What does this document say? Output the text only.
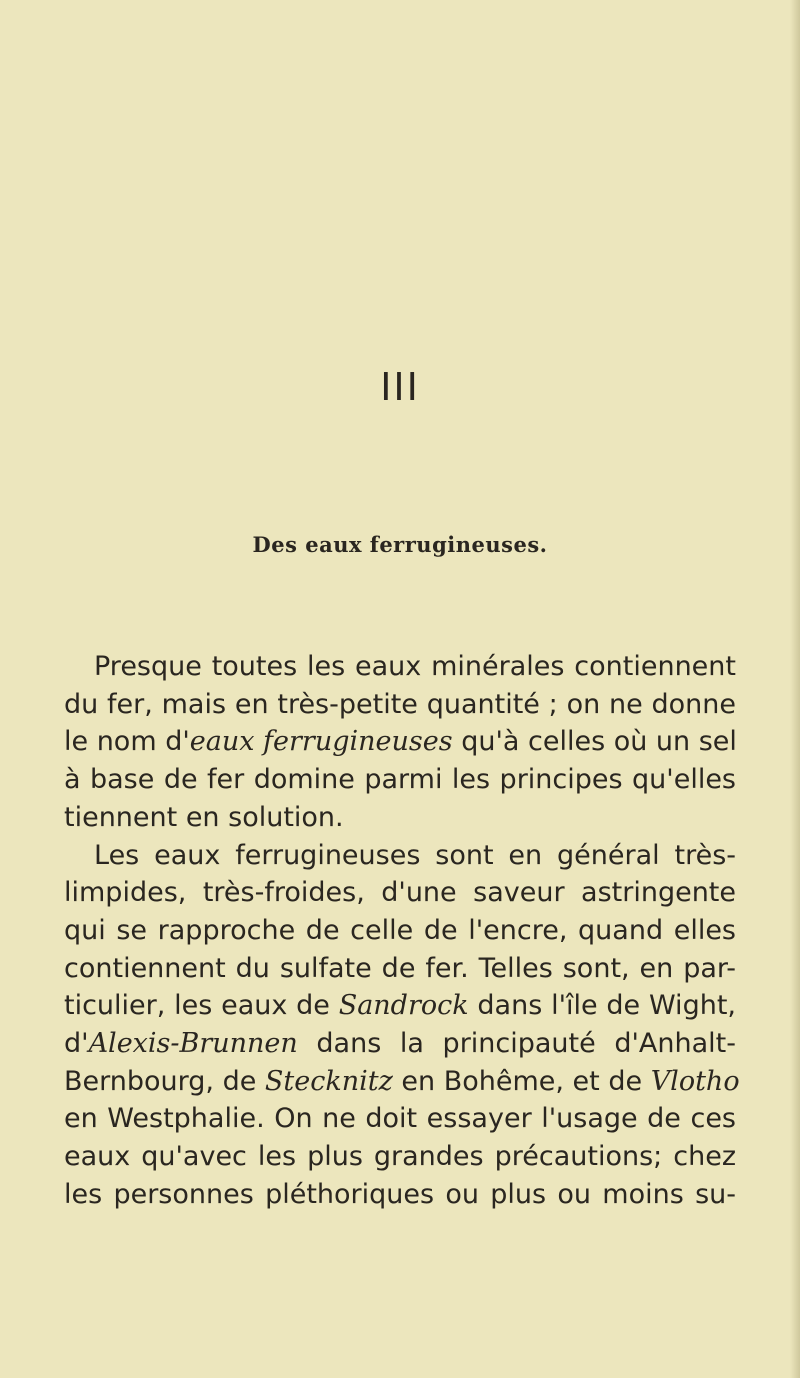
III
Des eaux ferrugineuses.
Presque toutes les eaux minérales contiennent
du fer, mais en très-petite quantité ; on ne donne
le nom d'eaux ferrugineuses qu'à celles où un sel
à base de fer domine parmi les principes qu'elles
tiennent en solution.
Les eaux ferrugineuses sont en général très-
limpides, très-froides, d'une saveur astringente
qui se rapproche de celle de l'encre, quand elles
contiennent du sulfate de fer. Telles sont, en par-
ticulier, les eaux de Sandrock dans l'île de Wight,
d'Alexis-Brunnen dans la principauté d'Anhalt-
Bernbourg, de Stecknitz en Bohême, et de Vlotho
en Westphalie. On ne doit essayer l'usage de ces
eaux qu'avec les plus grandes précautions; chez
les personnes pléthoriques ou plus ou moins su-
